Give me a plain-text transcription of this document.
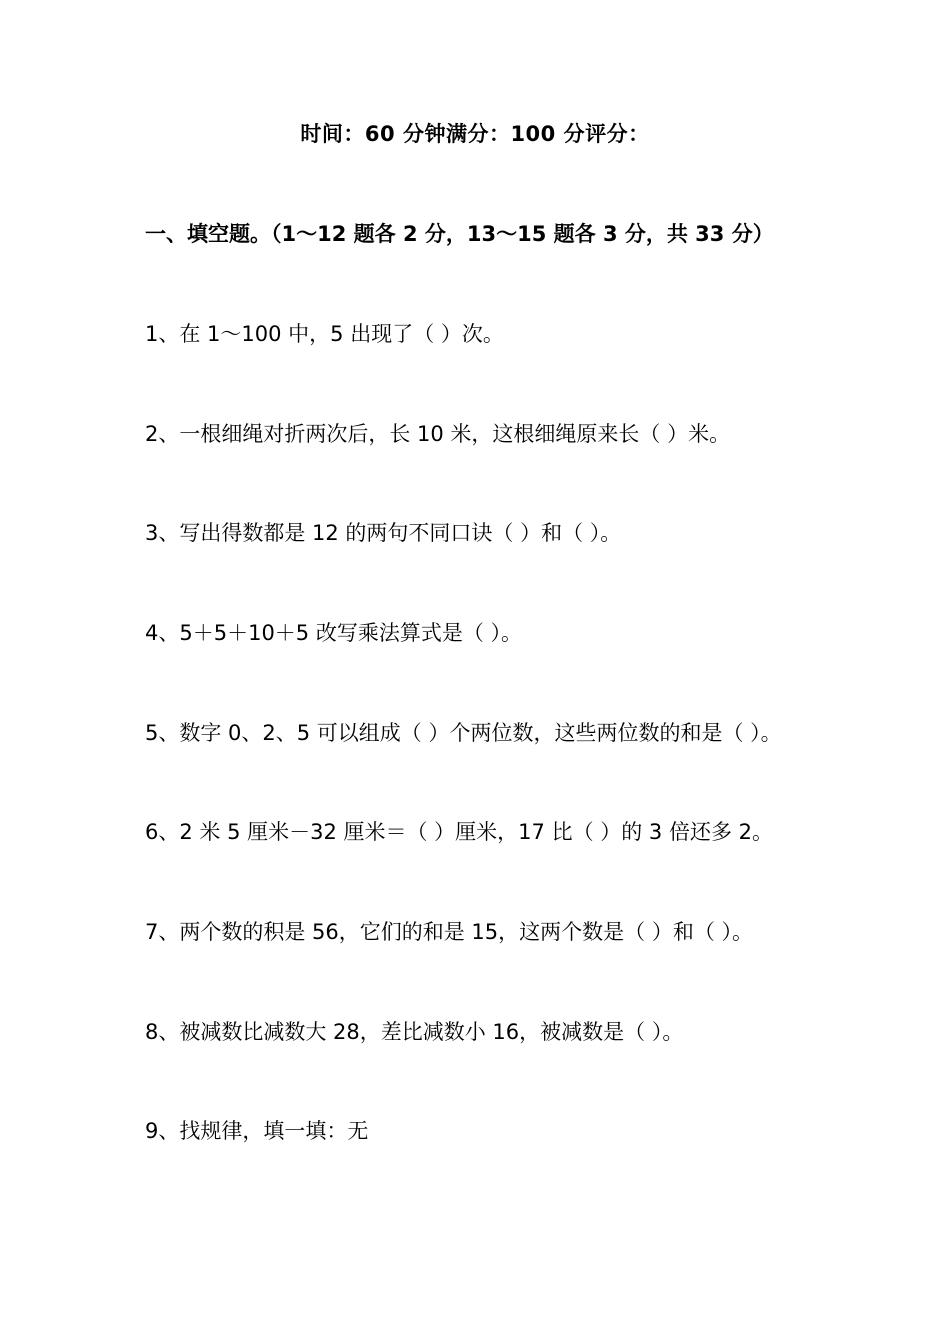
时间：60 分钟满分：100 分评分：
一、填空题。（1～12 题各 2 分，13～15 题各 3 分，共 33 分）
1、在 1～100 中，5 出现了（ ）次。
2、一根细绳对折两次后，长 10 米，这根细绳原来长（ ）米。
3、写出得数都是 12 的两句不同口诀（ ）和（ ）。
4、5＋5＋10＋5 改写乘法算式是（ ）。
5、数字 0、2、5 可以组成（ ）个两位数，这些两位数的和是（ ）。
6、2 米 5 厘米－32 厘米＝（ ）厘米，17 比（ ）的 3 倍还多 2。
7、两个数的积是 56，它们的和是 15，这两个数是（ ）和（ ）。
8、被减数比减数大 28，差比减数小 16，被减数是（ ）。
9、找规律，填一填：无
